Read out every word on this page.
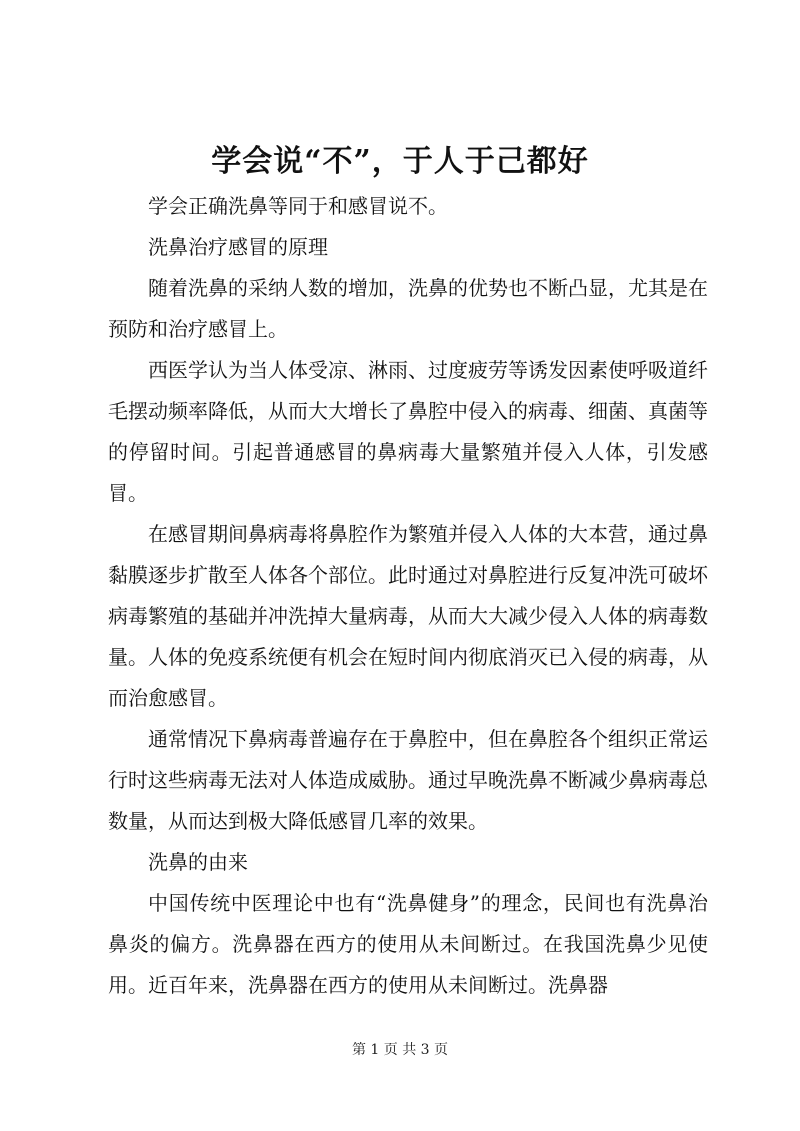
学会说“不”，于人于己都好

学会正确洗鼻等同于和感冒说不。

洗鼻治疗感冒的原理

随着洗鼻的采纳人数的增加，洗鼻的优势也不断凸显，尤其是在预防和治疗感冒上。

西医学认为当人体受凉、淋雨、过度疲劳等诱发因素使呼吸道纤毛摆动频率降低，从而大大增长了鼻腔中侵入的病毒、细菌、真菌等的停留时间。引起普通感冒的鼻病毒大量繁殖并侵入人体，引发感冒。

在感冒期间鼻病毒将鼻腔作为繁殖并侵入人体的大本营，通过鼻黏膜逐步扩散至人体各个部位。此时通过对鼻腔进行反复冲洗可破坏病毒繁殖的基础并冲洗掉大量病毒，从而大大减少侵入人体的病毒数量。人体的免疫系统便有机会在短时间内彻底消灭已入侵的病毒，从而治愈感冒。

通常情况下鼻病毒普遍存在于鼻腔中，但在鼻腔各个组织正常运行时这些病毒无法对人体造成威胁。通过早晚洗鼻不断减少鼻病毒总数量，从而达到极大降低感冒几率的效果。

洗鼻的由来

中国传统中医理论中也有“洗鼻健身”的理念，民间也有洗鼻治鼻炎的偏方。洗鼻器在西方的使用从未间断过。在我国洗鼻少见使用。近百年来，洗鼻器在西方的使用从未间断过。洗鼻器

第 1 页 共 3 页
